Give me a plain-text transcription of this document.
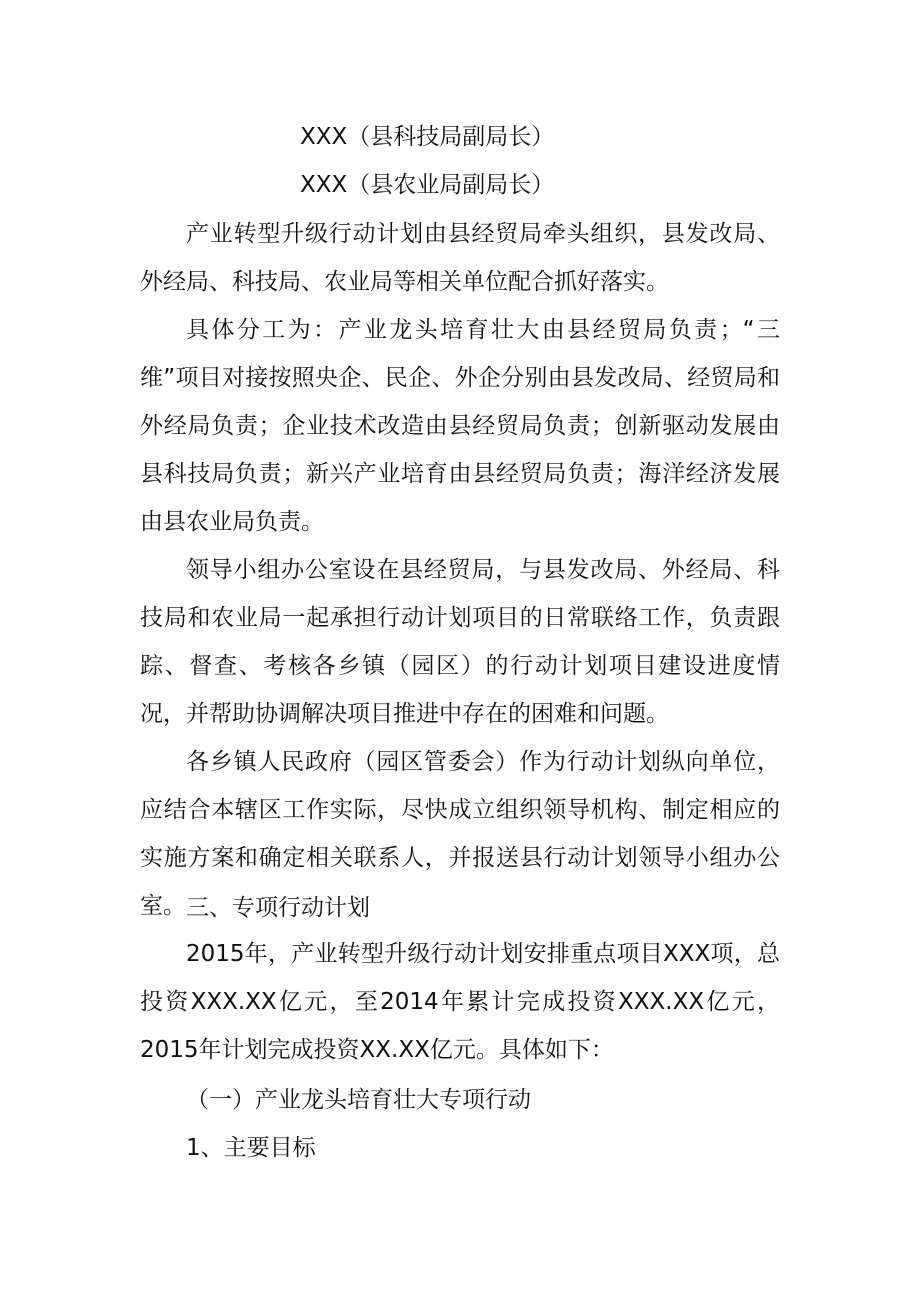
XXX（县科技局副局长）
XXX（县农业局副局长）

产业转型升级行动计划由县经贸局牵头组织，县发改局、外经局、科技局、农业局等相关单位配合抓好落实。

具体分工为：产业龙头培育壮大由县经贸局负责；“三维”项目对接按照央企、民企、外企分别由县发改局、经贸局和外经局负责；企业技术改造由县经贸局负责；创新驱动发展由县科技局负责；新兴产业培育由县经贸局负责；海洋经济发展由县农业局负责。

领导小组办公室设在县经贸局，与县发改局、外经局、科技局和农业局一起承担行动计划项目的日常联络工作，负责跟踪、督查、考核各乡镇（园区）的行动计划项目建设进度情况，并帮助协调解决项目推进中存在的困难和问题。

各乡镇人民政府（园区管委会）作为行动计划纵向单位，应结合本辖区工作实际，尽快成立组织领导机构、制定相应的实施方案和确定相关联系人，并报送县行动计划领导小组办公室。 三、专项行动计划

2015年，产业转型升级行动计划安排重点项目XXX项，总投资XXX.XX亿元，至2014年累计完成投资XXX.XX亿元，2015年计划完成投资XX.XX亿元。具体如下：

（一）产业龙头培育壮大专项行动
1、主要目标
